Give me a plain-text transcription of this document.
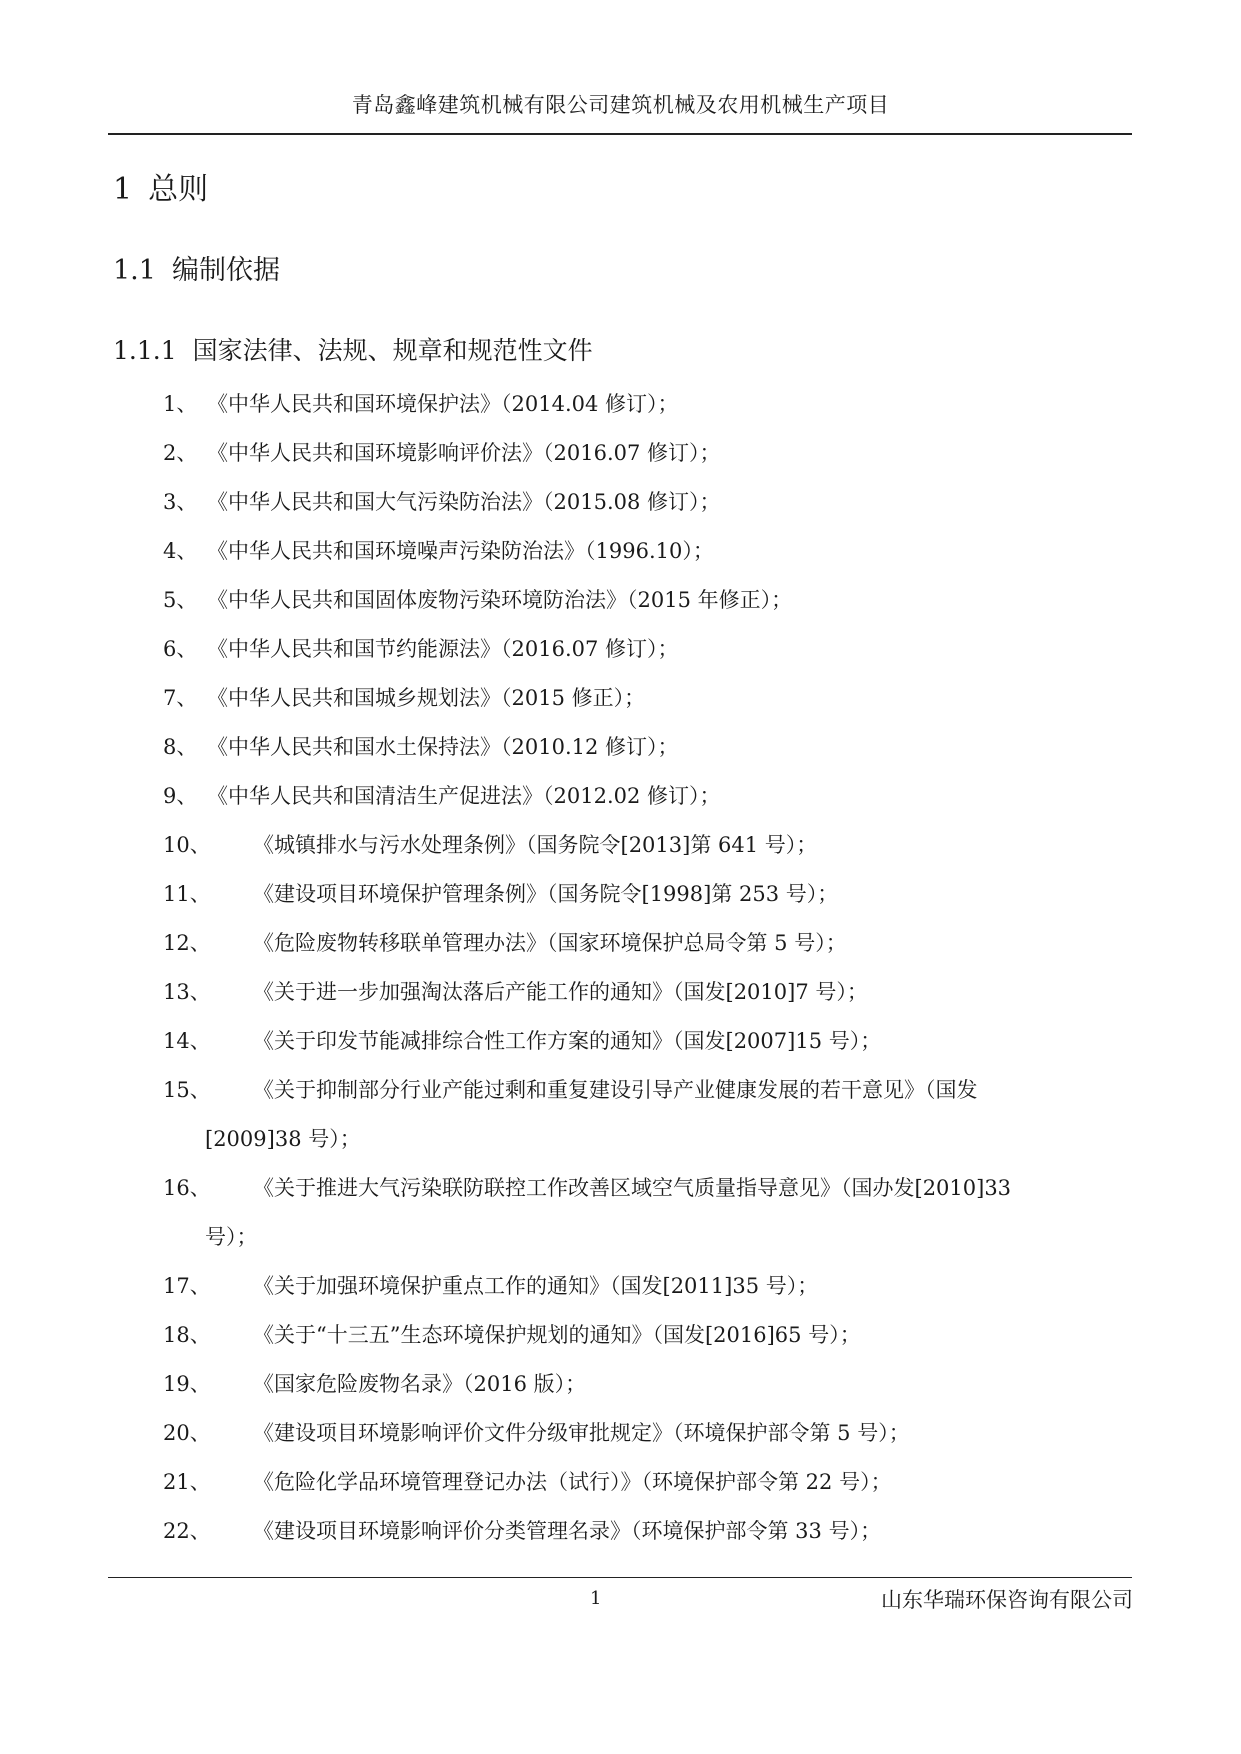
青岛鑫峰建筑机械有限公司建筑机械及农用机械生产项目
1 总则
1.1 编制依据
1.1.1 国家法律、法规、规章和规范性文件
1、 《中华人民共和国环境保护法》（2014.04 修订）；
2、 《中华人民共和国环境影响评价法》（2016.07 修订）；
3、 《中华人民共和国大气污染防治法》（2015.08 修订）；
4、 《中华人民共和国环境噪声污染防治法》（1996.10）；
5、 《中华人民共和国固体废物污染环境防治法》（2015 年修正）；
6、 《中华人民共和国节约能源法》（2016.07 修订）；
7、 《中华人民共和国城乡规划法》（2015 修正）；
8、 《中华人民共和国水土保持法》（2010.12 修订）；
9、 《中华人民共和国清洁生产促进法》（2012.02 修订）；
10、 《城镇排水与污水处理条例》（国务院令[2013]第 641 号）；
11、 《建设项目环境保护管理条例》（国务院令[1998]第 253 号）；
12、 《危险废物转移联单管理办法》（国家环境保护总局令第 5 号）；
13、 《关于进一步加强淘汰落后产能工作的通知》（国发[2010]7 号）；
14、 《关于印发节能减排综合性工作方案的通知》（国发[2007]15 号）；
15、 《关于抑制部分行业产能过剩和重复建设引导产业健康发展的若干意见》（国发
[2009]38 号）；
16、 《关于推进大气污染联防联控工作改善区域空气质量指导意见》（国办发[2010]33
号）；
17、 《关于加强环境保护重点工作的通知》（国发[2011]35 号）；
18、 《关于“十三五”生态环境保护规划的通知》（国发[2016]65 号）；
19、 《国家危险废物名录》（2016 版）；
20、 《建设项目环境影响评价文件分级审批规定》（环境保护部令第 5 号）；
21、 《危险化学品环境管理登记办法（试行）》（环境保护部令第 22 号）；
22、 《建设项目环境影响评价分类管理名录》（环境保护部令第 33 号）；
1	山东华瑞环保咨询有限公司
